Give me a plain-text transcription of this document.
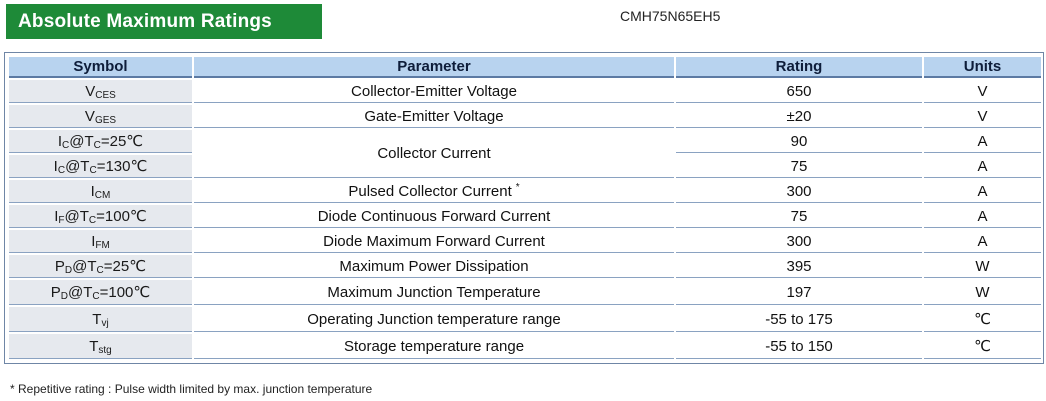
Absolute Maximum Ratings	CMH75N65EH5
Symbol	Parameter	Rating	Units
VCES	Collector-Emitter Voltage	650	V
VGES	Gate-Emitter Voltage	±20	V
IC@TC=25℃	Collector Current	90	A
IC@TC=130℃		75	A
ICM	Pulsed Collector Current *	300	A
IF@TC=100℃	Diode Continuous Forward Current	75	A
IFM	Diode Maximum Forward Current	300	A
PD@TC=25℃	Maximum Power Dissipation	395	W
PD@TC=100℃	Maximum Junction Temperature	197	W
Tvj	Operating Junction temperature range	-55 to 175	℃
Tstg	Storage temperature range	-55 to 150	℃
* Repetitive rating : Pulse width limited by max. junction temperature
